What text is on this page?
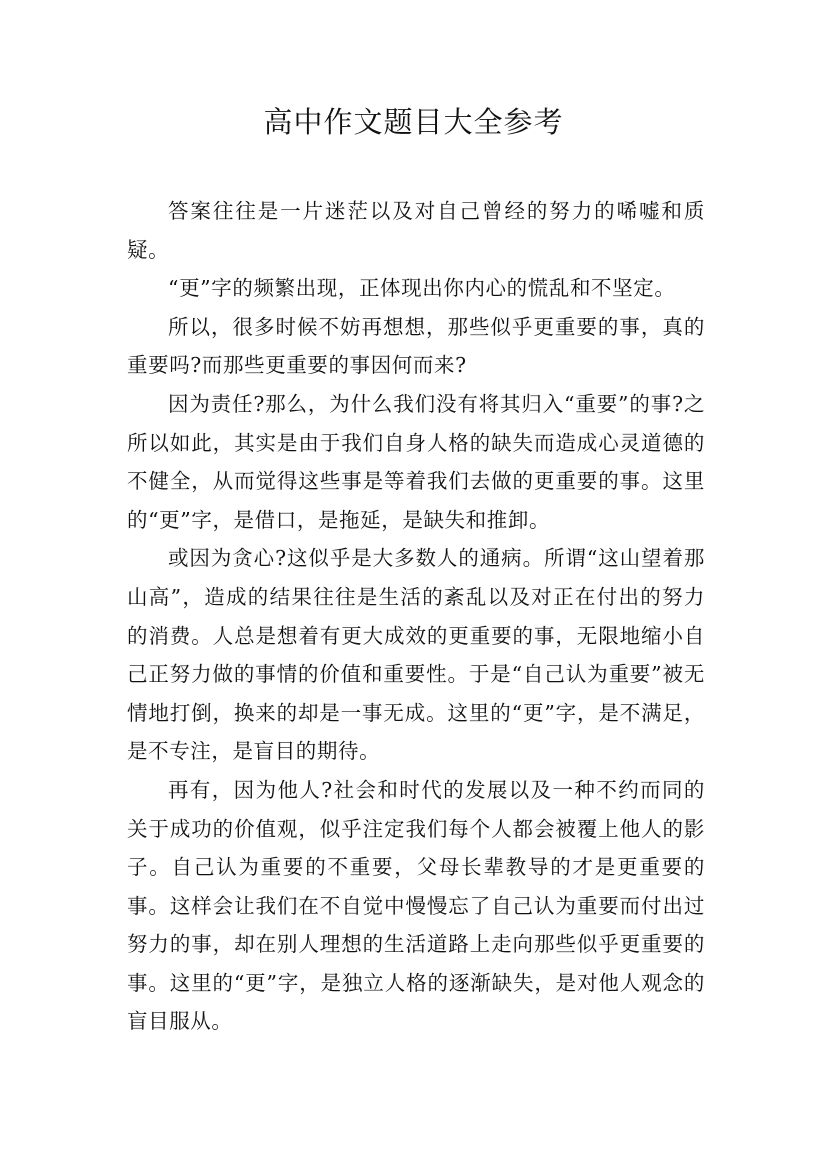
高中作文题目大全参考

答案往往是一片迷茫以及对自己曾经的努力的唏嘘和质疑。

“更”字的频繁出现，正体现出你内心的慌乱和不坚定。

所以，很多时候不妨再想想，那些似乎更重要的事，真的重要吗?而那些更重要的事因何而来?

因为责任?那么，为什么我们没有将其归入“重要”的事?之所以如此，其实是由于我们自身人格的缺失而造成心灵道德的不健全，从而觉得这些事是等着我们去做的更重要的事。这里的“更”字，是借口，是拖延，是缺失和推卸。

或因为贪心?这似乎是大多数人的通病。所谓“这山望着那山高”，造成的结果往往是生活的紊乱以及对正在付出的努力的消费。人总是想着有更大成效的更重要的事，无限地缩小自己正努力做的事情的价值和重要性。于是“自己认为重要”被无情地打倒，换来的却是一事无成。这里的“更”字，是不满足，是不专注，是盲目的期待。

再有，因为他人?社会和时代的发展以及一种不约而同的关于成功的价值观，似乎注定我们每个人都会被覆上他人的影子。自己认为重要的不重要，父母长辈教导的才是更重要的事。这样会让我们在不自觉中慢慢忘了自己认为重要而付出过努力的事，却在别人理想的生活道路上走向那些似乎更重要的事。这里的“更”字，是独立人格的逐渐缺失，是对他人观念的盲目服从。
